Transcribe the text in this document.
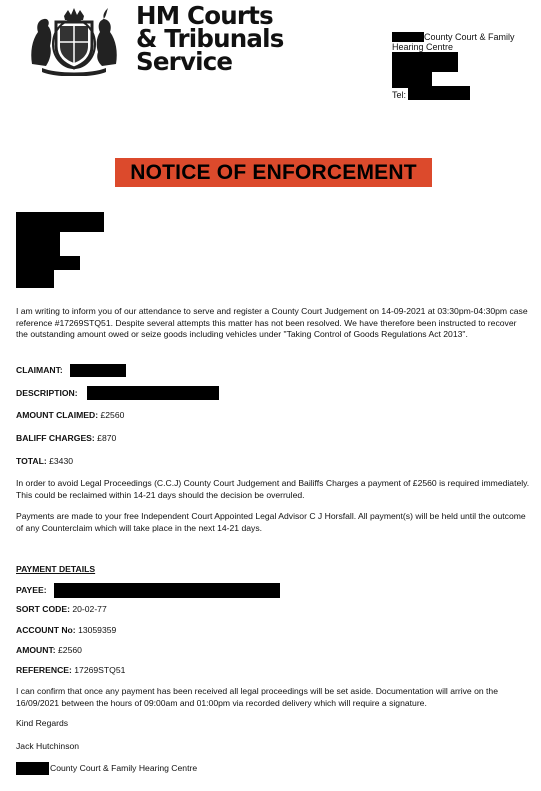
HM Courts
& Tribunals
Service
County Court & Family
Hearing Centre
Tel:
NOTICE OF ENFORCEMENT
I am writing to inform you of our attendance to serve and register a County Court Judgement on 14-09-2021 at 03:30pm-04:30pm case reference #17269STQ51. Despite several attempts this matter has not been resolved. We have therefore been instructed to recover the outstanding amount owed or seize goods including vehicles under "Taking Control of Goods Regulations Act 2013".
CLAIMANT:
DESCRIPTION:
AMOUNT CLAIMED: £2560
BALIFF CHARGES: £870
TOTAL: £3430
In order to avoid Legal Proceedings (C.C.J) County Court Judgement and Bailiffs Charges a payment of £2560 is required immediately. This could be reclaimed within 14-21 days should the decision be overruled.
Payments are made to your free Independent Court Appointed Legal Advisor C J Horsfall. All payment(s) will be held until the outcome of any Counterclaim which will take place in the next 14-21 days.
PAYMENT DETAILS
PAYEE:
SORT CODE: 20-02-77
ACCOUNT No: 13059359
AMOUNT: £2560
REFERENCE: 17269STQ51
I can confirm that once any payment has been received all legal proceedings will be set aside. Documentation will arrive on the 16/09/2021 between the hours of 09:00am and 01:00pm via recorded delivery which will require a signature.
Kind Regards
Jack Hutchinson
County Court & Family Hearing Centre
